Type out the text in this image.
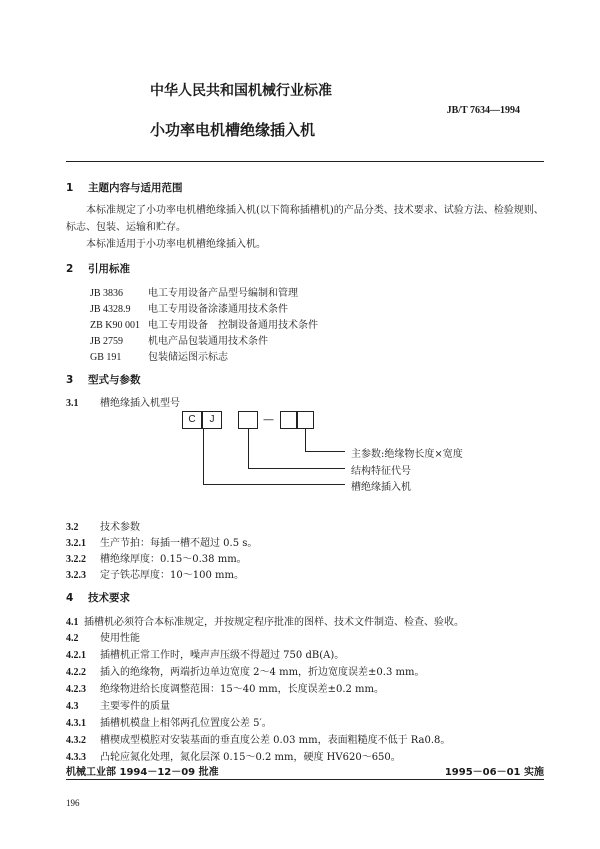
中华人民共和国机械行业标准
JB/T 7634—1994
小功率电机槽绝缘插入机
1 主题内容与适用范围
本标准规定了小功率电机槽绝缘插入机(以下简称插槽机)的产品分类、技术要求、试验方法、检验规则、标志、包装、运输和贮存。
本标准适用于小功率电机槽绝缘插入机。
2 引用标准
JB 3836 电工专用设备产品型号编制和管理
JB 4328.9 电工专用设备涂漆通用技术条件
ZB K90 001 电工专用设备　控制设备通用技术条件
JB 2759 机电产品包装通用技术条件
GB 191	包装储运图示标志
3 型式与参数
3.1 槽绝缘插入机型号
C	J	—
主参数:绝缘物长度×宽度
结构特征代号
槽绝缘插入机
3.2 技术参数
3.2.1 生产节拍：每插一槽不超过 0.5 s。
3.2.2 槽绝缘厚度：0.15～0.38 mm。
3.2.3 定子铁芯厚度：10～100 mm。
4 技术要求
4.1 插槽机必须符合本标准规定，并按规定程序批准的图样、技术文件制造、检查、验收。
4.2 使用性能
4.2.1 插槽机正常工作时，噪声声压级不得超过 750 dB(A)。
4.2.2 插入的绝缘物，两端折边单边宽度 2～4 mm，折边宽度误差±0.3 mm。
4.2.3 绝缘物进给长度调整范围：15～40 mm，长度误差±0.2 mm。
4.3 主要零件的质量
4.3.1 插槽机模盘上相邻两孔位置度公差 5′。
4.3.2 槽楔成型模腔对安装基面的垂直度公差 0.03 mm，表面粗糙度不低于 Ra0.8。
4.3.3 凸轮应氮化处理，氮化层深 0.15～0.2 mm，硬度 HV620～650。
机械工业部 1994－12－09 批准	1995－06－01 实施
196
